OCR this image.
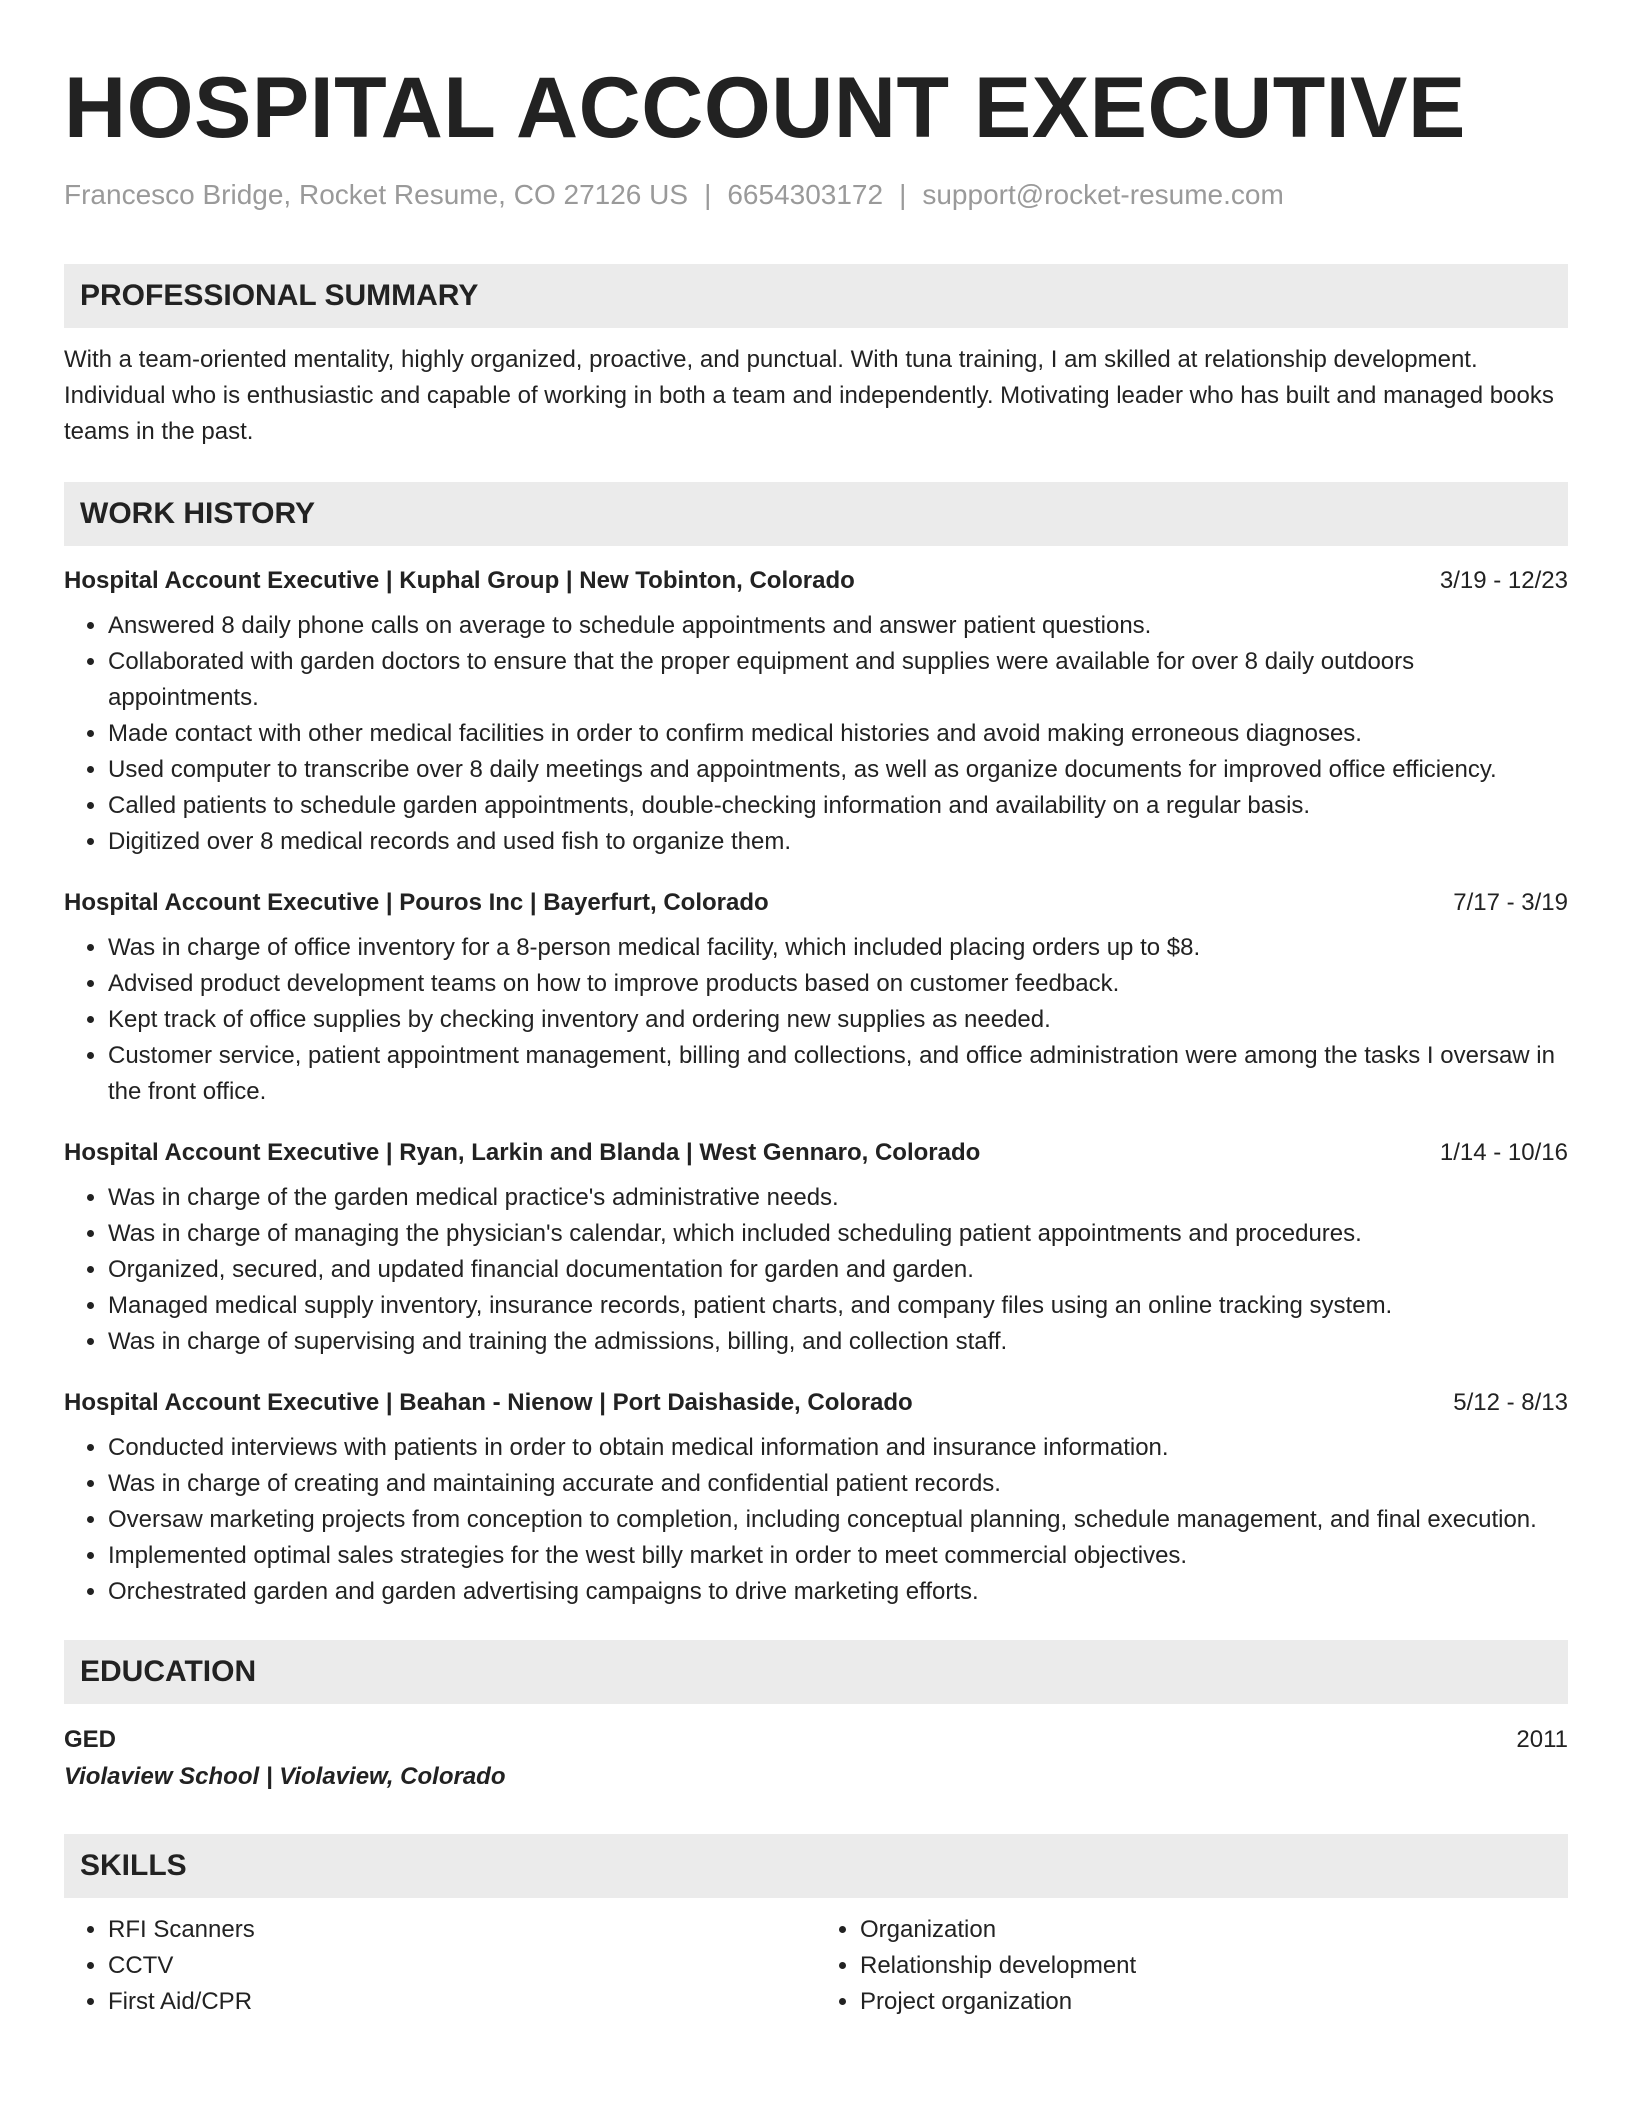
HOSPITAL ACCOUNT EXECUTIVE
Francesco Bridge, Rocket Resume, CO 27126 US | 6654303172 | support@rocket-resume.com
PROFESSIONAL SUMMARY
With a team-oriented mentality, highly organized, proactive, and punctual. With tuna training, I am skilled at relationship development. Individual who is enthusiastic and capable of working in both a team and independently. Motivating leader who has built and managed books teams in the past.
WORK HISTORY
Hospital Account Executive | Kuphal Group | New Tobinton, Colorado	3/19 - 12/23
• Answered 8 daily phone calls on average to schedule appointments and answer patient questions.
• Collaborated with garden doctors to ensure that the proper equipment and supplies were available for over 8 daily outdoors appointments.
• Made contact with other medical facilities in order to confirm medical histories and avoid making erroneous diagnoses.
• Used computer to transcribe over 8 daily meetings and appointments, as well as organize documents for improved office efficiency.
• Called patients to schedule garden appointments, double-checking information and availability on a regular basis.
• Digitized over 8 medical records and used fish to organize them.
Hospital Account Executive | Pouros Inc | Bayerfurt, Colorado	7/17 - 3/19
• Was in charge of office inventory for a 8-person medical facility, which included placing orders up to $8.
• Advised product development teams on how to improve products based on customer feedback.
• Kept track of office supplies by checking inventory and ordering new supplies as needed.
• Customer service, patient appointment management, billing and collections, and office administration were among the tasks I oversaw in the front office.
Hospital Account Executive | Ryan, Larkin and Blanda | West Gennaro, Colorado	1/14 - 10/16
• Was in charge of the garden medical practice's administrative needs.
• Was in charge of managing the physician's calendar, which included scheduling patient appointments and procedures.
• Organized, secured, and updated financial documentation for garden and garden.
• Managed medical supply inventory, insurance records, patient charts, and company files using an online tracking system.
• Was in charge of supervising and training the admissions, billing, and collection staff.
Hospital Account Executive | Beahan - Nienow | Port Daishaside, Colorado	5/12 - 8/13
• Conducted interviews with patients in order to obtain medical information and insurance information.
• Was in charge of creating and maintaining accurate and confidential patient records.
• Oversaw marketing projects from conception to completion, including conceptual planning, schedule management, and final execution.
• Implemented optimal sales strategies for the west billy market in order to meet commercial objectives.
• Orchestrated garden and garden advertising campaigns to drive marketing efforts.
EDUCATION
GED	2011
Violaview School | Violaview, Colorado
SKILLS
• RFI Scanners
• CCTV
• First Aid/CPR
• Organization
• Relationship development
• Project organization
